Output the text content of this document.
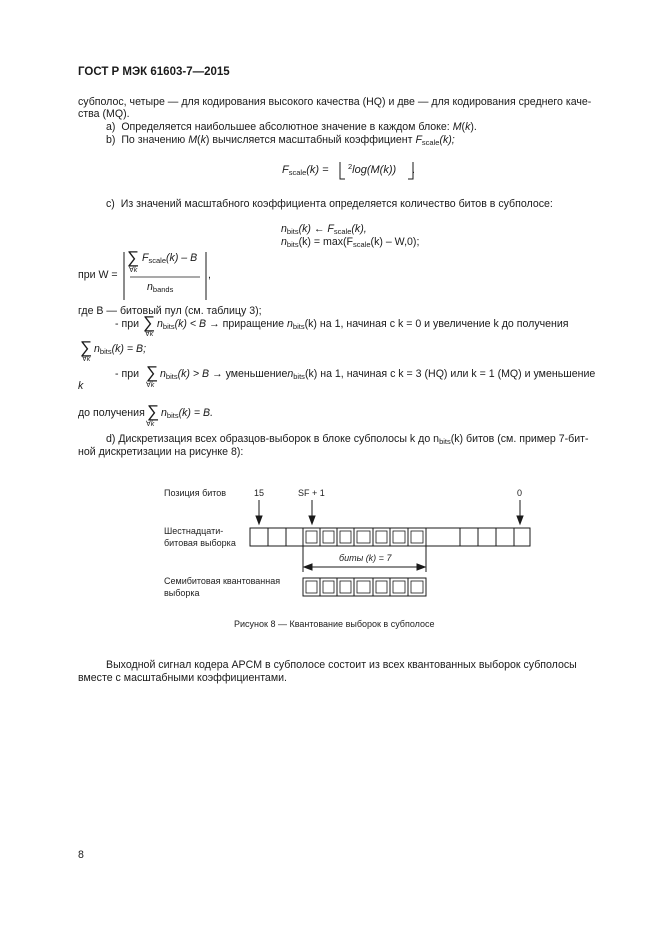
ГОСТ Р МЭК 61603-7—2015
субполос, четыре — для кодирования высокого качества (HQ) и две — для кодирования среднего каче-
ства (MQ).
a) Определяется наибольшее абсолютное значение в каждом блоке: M(k).
b) По значению M(k) вычисляется масштабный коэффициент $F_{scale}(k)$;
$F_{scale}(k)$ =	$^2$log(M(k)) .
c) Из значений масштабного коэффициента определяется количество битов в субполосе:
$n_{bits}(k)$ ← $F_{scale}(k)$,
$n_{bits}(k) = \max(F_{scale}(k) - W,0)$;
при W =
∑
∀k
$F_{scale}(k)$ – B
$n_{bands}$
,
где B — битовый пул (см. таблицу 3);
- при ∑
∀k
$n_{bits}(k) < B$ → приращение $n_{bits}(k)$ на 1, начиная с k = 0 и увеличение k до получения
∑
∀k
$n_{bits}(k) = B$;
- при ∑
∀k
$n_{bits}(k) > B$ → уменьшениеn$_{bits}$(k) на 1, начиная с k = 3 (HQ) или k = 1 (MQ) и уменьшение
k
до получения ∑
∀k
$n_{bits}(k) = B$.
d) Дискретизация всех образцов-выборок в блоке субполосы k до $n_{bits}(k)$ битов (см. пример 7-бит-
ной дискретизации на рисунке 8):
Позиция битов	15	SF + 1	0
Шестнадцати-
битовая выборка
биты (k) = 7
Семибитовая квантованная
выборка
Рисунок 8 — Квантование выборок в субполосе
Выходной сигнал кодера APCM в субполосе состоит из всех квантованных выборок субполосы
вместе с масштабными коэффициентами.
8
